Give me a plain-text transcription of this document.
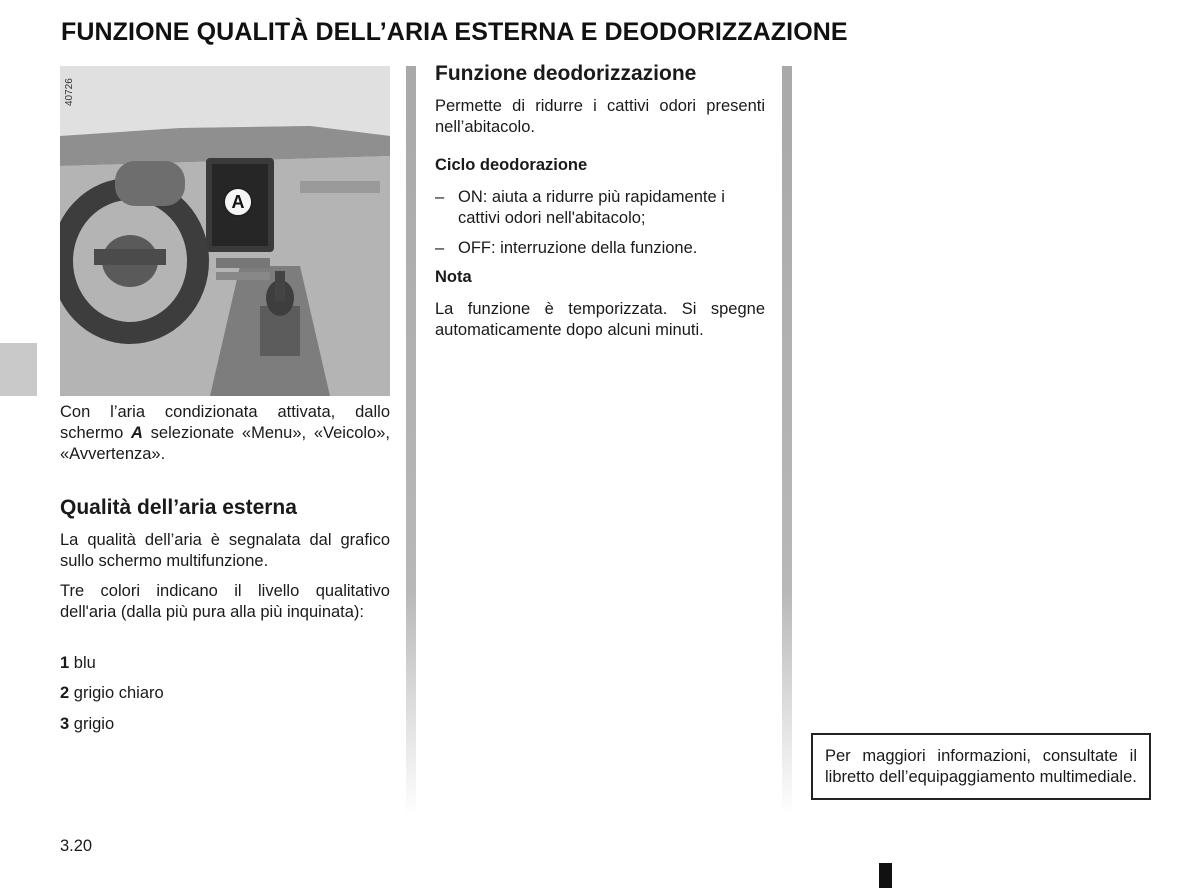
FUNZIONE QUALITÀ DELL’ARIA ESTERNA E DEODORIZZAZIONE
40726
A
Con l’aria condizionata attivata, dallo schermo A selezionate «Menu», «Veicolo», «Avvertenza».
Qualità dell’aria esterna
La qualità dell’aria è segnalata dal grafico sullo schermo multifunzione.
Tre colori indicano il livello qualitativo dell'aria (dalla più pura alla più inquinata):
1 blu
2 grigio chiaro
3 grigio
Funzione deodorizzazione
Permette di ridurre i cattivi odori presenti nell’abitacolo.
Ciclo deodorazione
– ON: aiuta a ridurre più rapidamente i cattivi odori nell'abitacolo;
– OFF: interruzione della funzione.
Nota
La funzione è temporizzata. Si spegne automaticamente dopo alcuni minuti.
Per maggiori informazioni, consultate il libretto dell’equipaggiamento multimediale.
3.20
